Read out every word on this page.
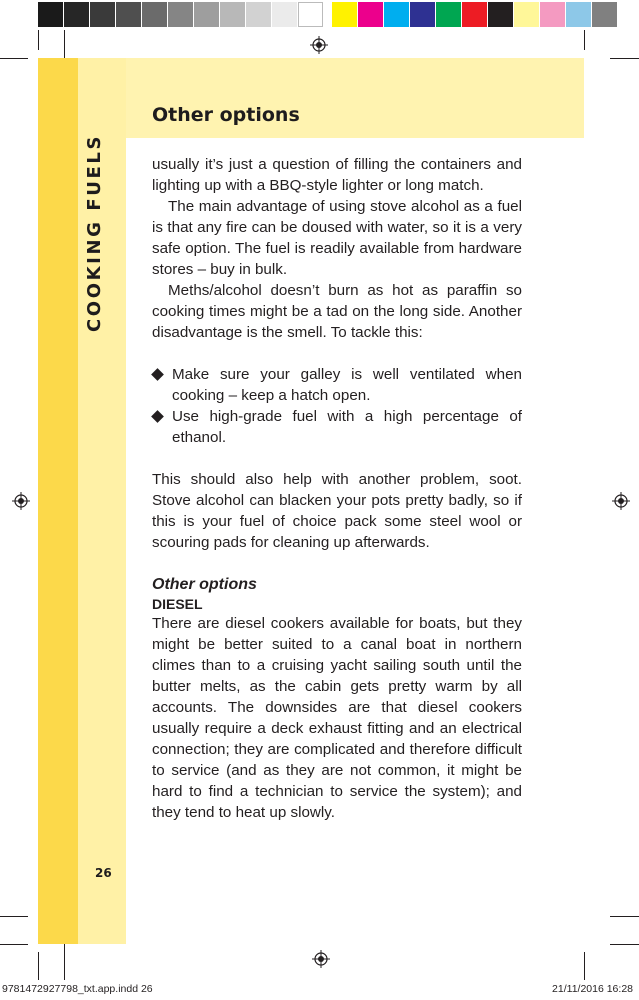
Other options
COOKING FUELS	usually it’s just a question of filling the containers and lighting up with a BBQ-style lighter or long match.

The main advantage of using stove alcohol as a fuel is that any fire can be doused with water, so it is a very safe option. The fuel is readily available from hardware stores – buy in bulk.

Meths/alcohol doesn’t burn as hot as paraffin so cooking times might be a tad on the long side. Another disadvantage is the smell. To tackle this:

Make sure your galley is well ventilated when cooking – keep a hatch open.
Use high-grade fuel with a high percentage of ethanol.

This should also help with another problem, soot. Stove alcohol can blacken your pots pretty badly, so if this is your fuel of choice pack some steel wool or scouring pads for cleaning up afterwards.

Other options
DIESEL

There are diesel cookers available for boats, but they might be better suited to a canal boat in northern climes than to a cruising yacht sailing south until the butter melts, as the cabin gets pretty warm by all accounts. The downsides are that diesel cookers usually require a deck exhaust fitting and an electrical connection; they are complicated and therefore difficult to service (and as they are not common, it might be hard to find a technician to service the system); and they tend to heat up slowly.

26
9781472927798_txt.app.indd 26	21/11/2016 16:28
